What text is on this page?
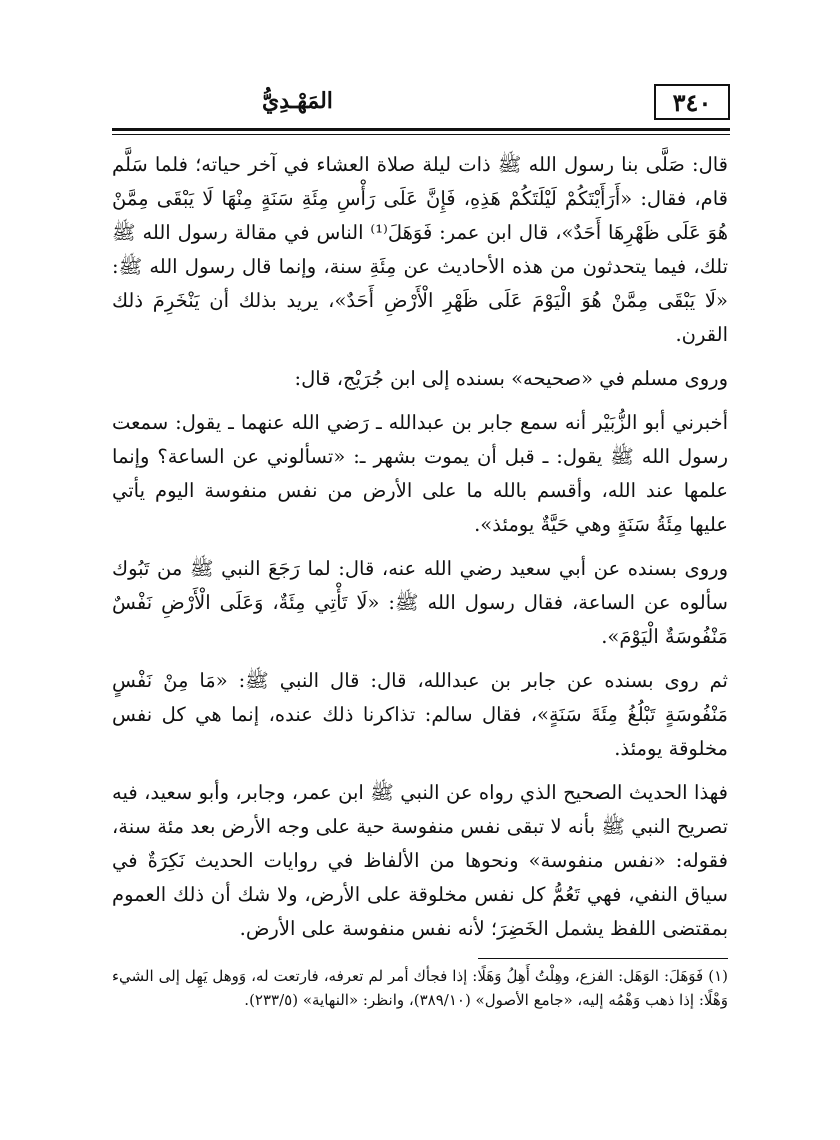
المَهْـدِيُّ	٣٤٠

قال: صَلَّى بنا رسول الله ﷺ ذات ليلة صلاة العشاء في آخر حياته؛ فلما سَلَّم قام، فقال: «أَرَأَيْتَكُمْ لَيْلَتَكُمْ هَذِهِ، فَإِنَّ عَلَى رَأْسِ مِئَةِ سَنَةٍ مِنْهَا لَا يَبْقَى مِمَّنْ هُوَ عَلَى ظَهْرِهَا أَحَدٌ»، قال ابن عمر: فَوَهَلَ⁽¹⁾ الناس في مقالة رسول الله ﷺ تلك، فيما يتحدثون من هذه الأحاديث عن مِئَةِ سنة، وإنما قال رسول الله ﷺ: «لَا يَبْقَى مِمَّنْ هُوَ الْيَوْمَ عَلَى ظَهْرِ الْأَرْضِ أَحَدٌ»، يريد بذلك أن يَنْخَرِمَ ذلك القرن.

وروى مسلم في «صحيحه» بسنده إلى ابن جُرَيْج، قال:

أخبرني أبو الزُّبَيْر أنه سمع جابر بن عبدالله ـ رَضي الله عنهما ـ يقول: سمعت رسول الله ﷺ يقول: ـ قبل أن يموت بشهر ـ: «تسألوني عن الساعة؟ وإنما علمها عند الله، وأقسم بالله ما على الأرض من نفس منفوسة اليوم يأتي عليها مِئَةُ سَنَةٍ وهي حَيَّةٌ يومئذ».

وروى بسنده عن أبي سعيد رضي الله عنه، قال: لما رَجَعَ النبي ﷺ من تَبُوك سألوه عن الساعة، فقال رسول الله ﷺ: «لَا تَأْتِي مِئَةٌ، وَعَلَى الْأَرْضِ نَفْسٌ مَنْفُوسَةٌ الْيَوْمَ».

ثم روى بسنده عن جابر بن عبدالله، قال: قال النبي ﷺ: «مَا مِنْ نَفْسٍ مَنْفُوسَةٍ تَبْلُغُ مِئَةَ سَنَةٍ»، فقال سالم: تذاكرنا ذلك عنده، إنما هي كل نفس مخلوقة يومئذ.

فهذا الحديث الصحيح الذي رواه عن النبي ﷺ ابن عمر، وجابر، وأبو سعيد، فيه تصريح النبي ﷺ بأنه لا تبقى نفس منفوسة حية على وجه الأرض بعد مئة سنة، فقوله: «نفس منفوسة» ونحوها من الألفاظ في روايات الحديث نَكِرَةٌ في سياق النفي، فهي تَعُمُّ كل نفس مخلوقة على الأرض، ولا شك أن ذلك العموم بمقتضى اللفظ يشمل الخَضِرَ؛ لأنه نفس منفوسة على الأرض.

(١) فَوَهَلَ: الوَهَل: الفزع، وهِلْتُ أَهِلُ وَهَلًا: إذا فجأك أمر لم تعرفه، فارتعت له، وَوهل يَهِل إلى الشيء وَهْلًا: إذا ذهب وَهْمُه إليه، «جامع الأصول» (٣٨٩/١٠)، وانظر: «النهاية» (٢٣٣/٥).
